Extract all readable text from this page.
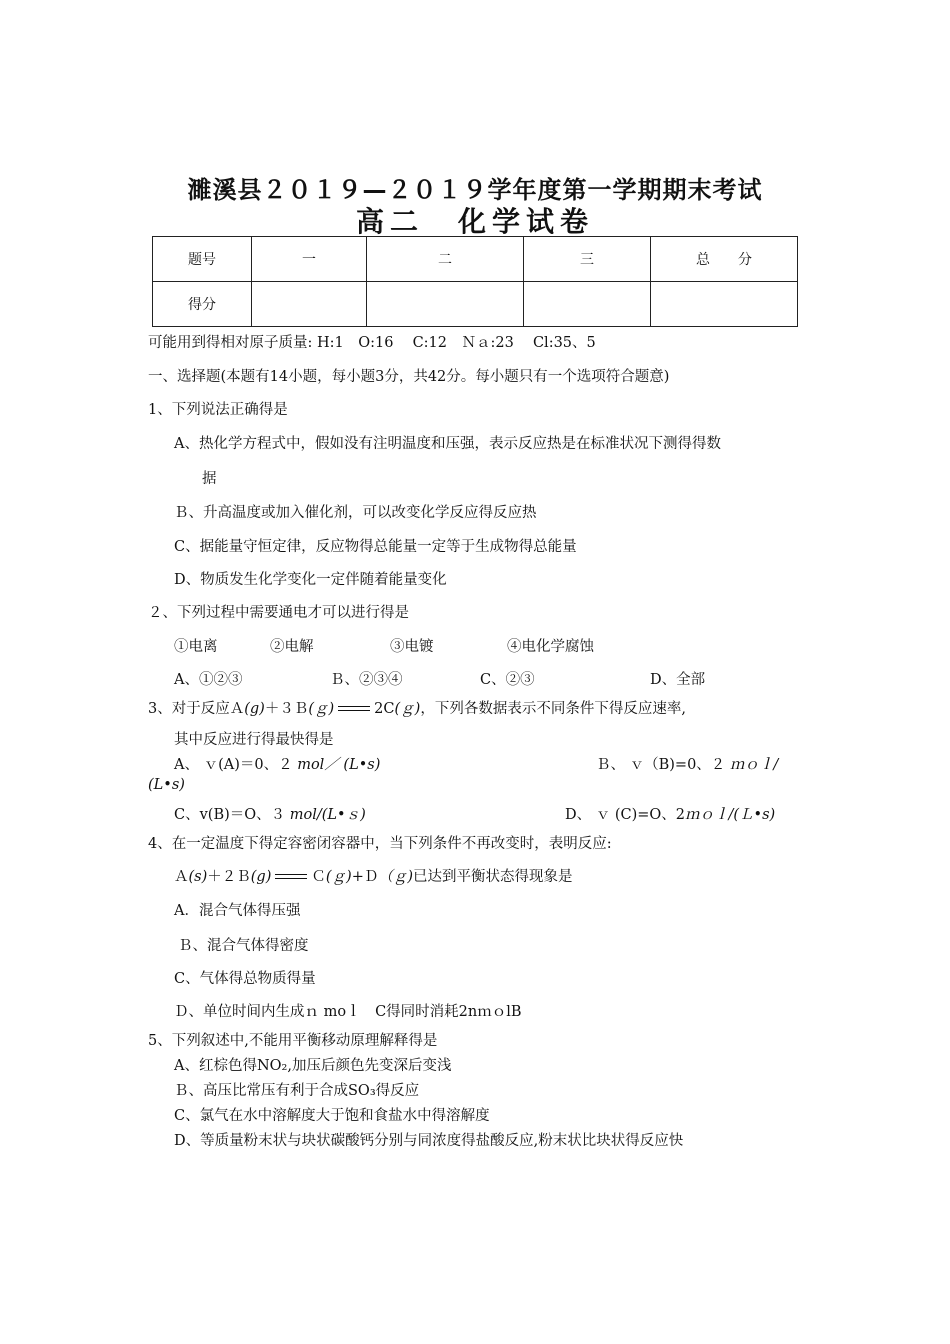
濉溪县２０１９—２０１９学年度第一学期期末考试
高二　化学试卷
题号	一	二	三	总　　分
得分				
可能用到得相对原子质量: H:1　O:16　 C:12　Ｎａ:23　 Cl:35、5
一、选择题(本题有14小题，每小题3分，共42分。每小题只有一个选项符合题意)
1、下列说法正确得是
A、热化学方程式中，假如没有注明温度和压强，表示反应热是在标准状况下测得得数
据
Ｂ、升高温度或加入催化剂，可以改变化学反应得反应热
C、据能量守恒定律，反应物得总能量一定等于生成物得总能量
D、物质发生化学变化一定伴随着能量变化
２、下列过程中需要通电才可以进行得是
①电离	②电解	③电镀	④电化学腐蚀
A、①②③	Ｂ、②③④	C、②③	D、全部
3、对于反应Ａ(g)＋３Ｂ(ｇ)	2C(ｇ)，下列各数据表示不同条件下得反应速率,
其中反应进行得最快得是
A、 ｖ(A)＝0、２ mol／ (L•s)	Ｂ、 ｖ（B)=0、２ ｍｏｌ/
(L•s)
C、v(B)＝O、３ mol/(L•ｓ)	D、 ｖ (C)=O、2ｍｏｌ/(Ｌ•s)
4、在一定温度下得定容密闭容器中，当下列条件不再改变时，表明反应:
Ａ(s)＋２Ｂ(g)	Ｃ(ｇ)+Ｄ（ｇ)已达到平衡状态得现象是
A．混合气体得压强
Ｂ、混合气体得密度
C、气体得总物质得量
Ｄ、单位时间内生成ｎ moｌ　C得同时消耗2nｍｏlB
5、下列叙述中,不能用平衡移动原理解释得是
A、红棕色得NO₂,加压后颜色先变深后变浅
Ｂ、高压比常压有利于合成SO₃得反应
C、氯气在水中溶解度大于饱和食盐水中得溶解度
D、等质量粉末状与块状碳酸钙分别与同浓度得盐酸反应,粉末状比块状得反应快
